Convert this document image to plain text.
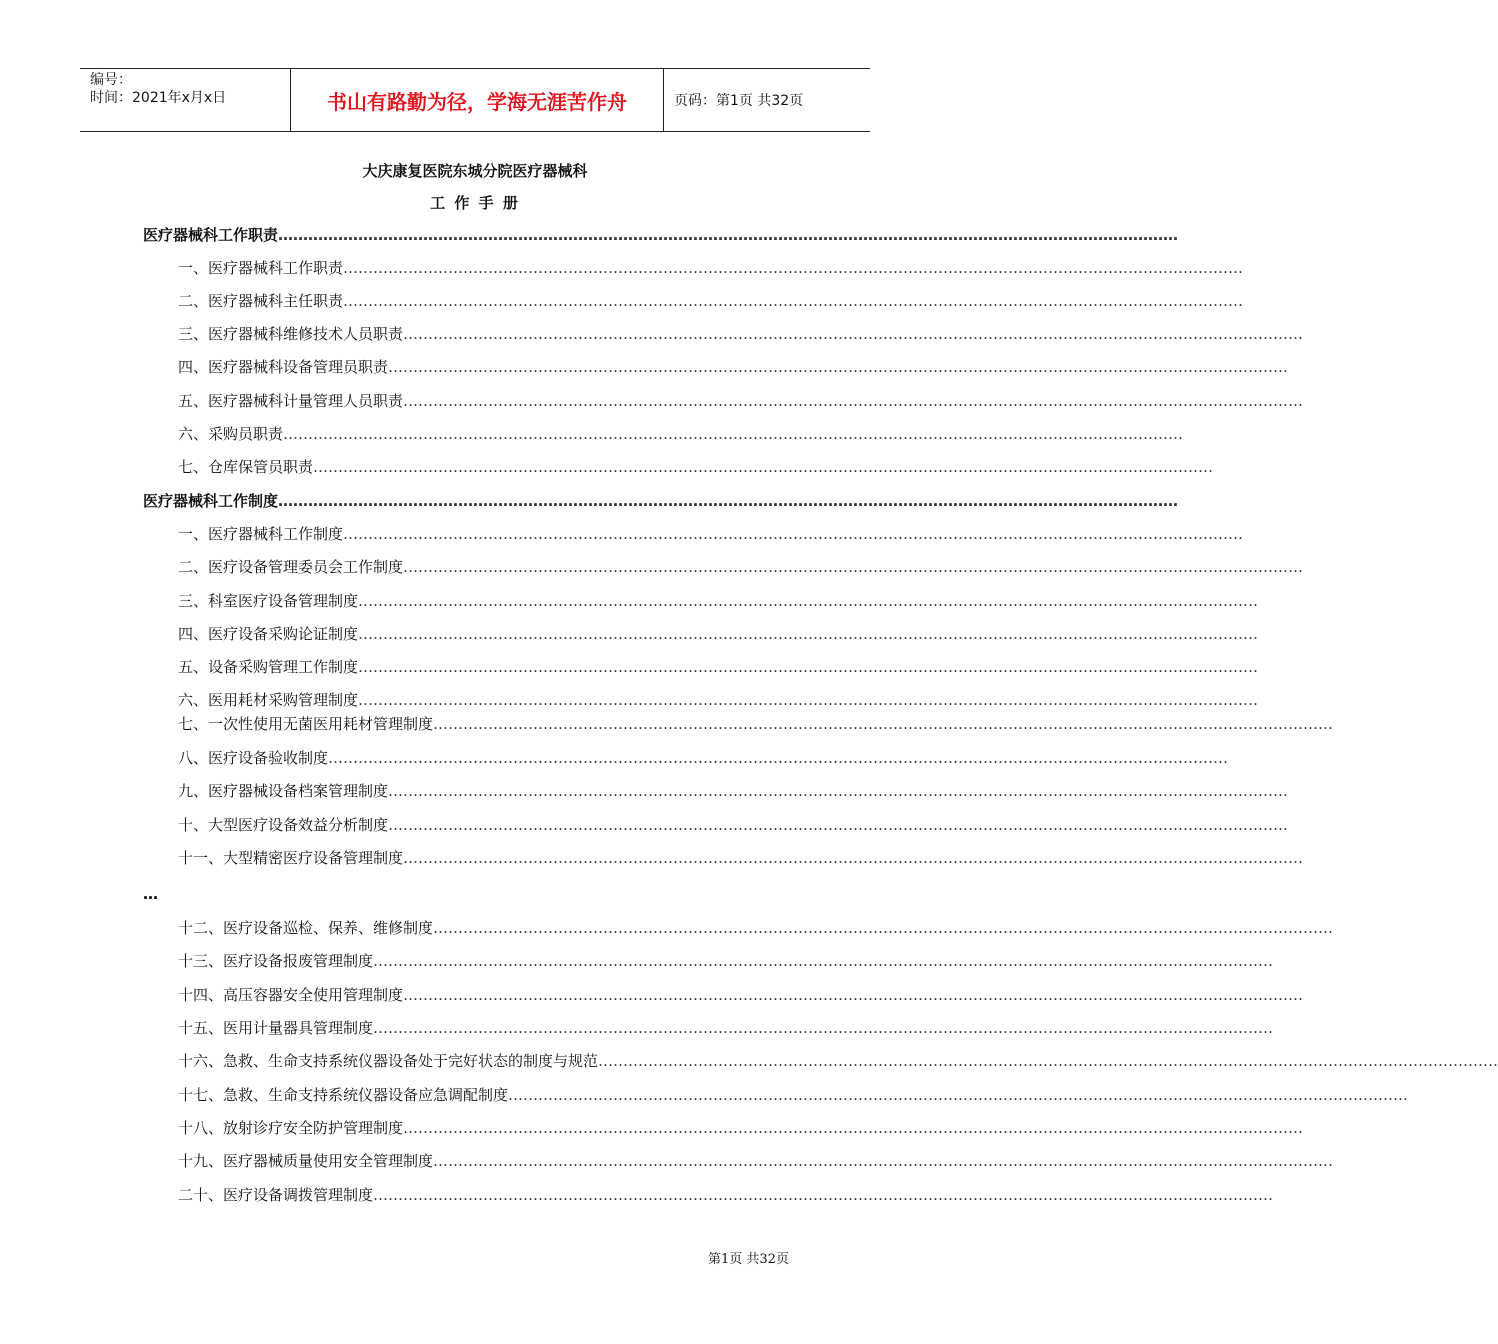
编号：
时间：2021年x月x日	书山有路勤为径，学海无涯苦作舟	页码：第1页 共32页
大庆康复医院东城分院医疗器械科
工 作 手 册
医疗器械科工作职责 ………………………………………………………………………………………………………………………………………………………………
一、医疗器械科工作职责 ………………………………………………………………………………………………………………………………………………………………
二、医疗器械科主任职责 ………………………………………………………………………………………………………………………………………………………………
三、医疗器械科维修技术人员职责 ………………………………………………………………………………………………………………………………………………………………
四、医疗器械科设备管理员职责 ………………………………………………………………………………………………………………………………………………………………
五、医疗器械科计量管理人员职责 ………………………………………………………………………………………………………………………………………………………………
六、采购员职责 ………………………………………………………………………………………………………………………………………………………………
七、仓库保管员职责 ………………………………………………………………………………………………………………………………………………………………
医疗器械科工作制度 ………………………………………………………………………………………………………………………………………………………………
一、医疗器械科工作制度 ………………………………………………………………………………………………………………………………………………………………
二、医疗设备管理委员会工作制度 ………………………………………………………………………………………………………………………………………………………………
三、科室医疗设备管理制度 ………………………………………………………………………………………………………………………………………………………………
四、医疗设备采购论证制度 ………………………………………………………………………………………………………………………………………………………………
五、设备采购管理工作制度 ………………………………………………………………………………………………………………………………………………………………
六、医用耗材采购管理制度 ………………………………………………………………………………………………………………………………………………………………
七、一次性使用无菌医用耗材管理制度 ………………………………………………………………………………………………………………………………………………………………
八、医疗设备验收制度 ………………………………………………………………………………………………………………………………………………………………
九、医疗器械设备档案管理制度 ………………………………………………………………………………………………………………………………………………………………
十、大型医疗设备效益分析制度 ………………………………………………………………………………………………………………………………………………………………
十一、大型精密医疗设备管理制度 ………………………………………………………………………………………………………………………………………………………………
十二、医疗设备巡检、保养、维修制度 ………………………………………………………………………………………………………………………………………………………………
十三、医疗设备报废管理制度 ………………………………………………………………………………………………………………………………………………………………
十四、高压容器安全使用管理制度 ………………………………………………………………………………………………………………………………………………………………
十五、医用计量器具管理制度 ………………………………………………………………………………………………………………………………………………………………
十六、急救、生命支持系统仪器设备处于完好状态的制度与规范 ………………………………………………………………………………………………………………………………………………………………
十七、急救、生命支持系统仪器设备应急调配制度 ………………………………………………………………………………………………………………………………………………………………
十八、放射诊疗安全防护管理制度 ………………………………………………………………………………………………………………………………………………………………
十九、医疗器械质量使用安全管理制度 ………………………………………………………………………………………………………………………………………………………………
二十、医疗设备调拨管理制度 ………………………………………………………………………………………………………………………………………………………………
…
第1页 共32页
